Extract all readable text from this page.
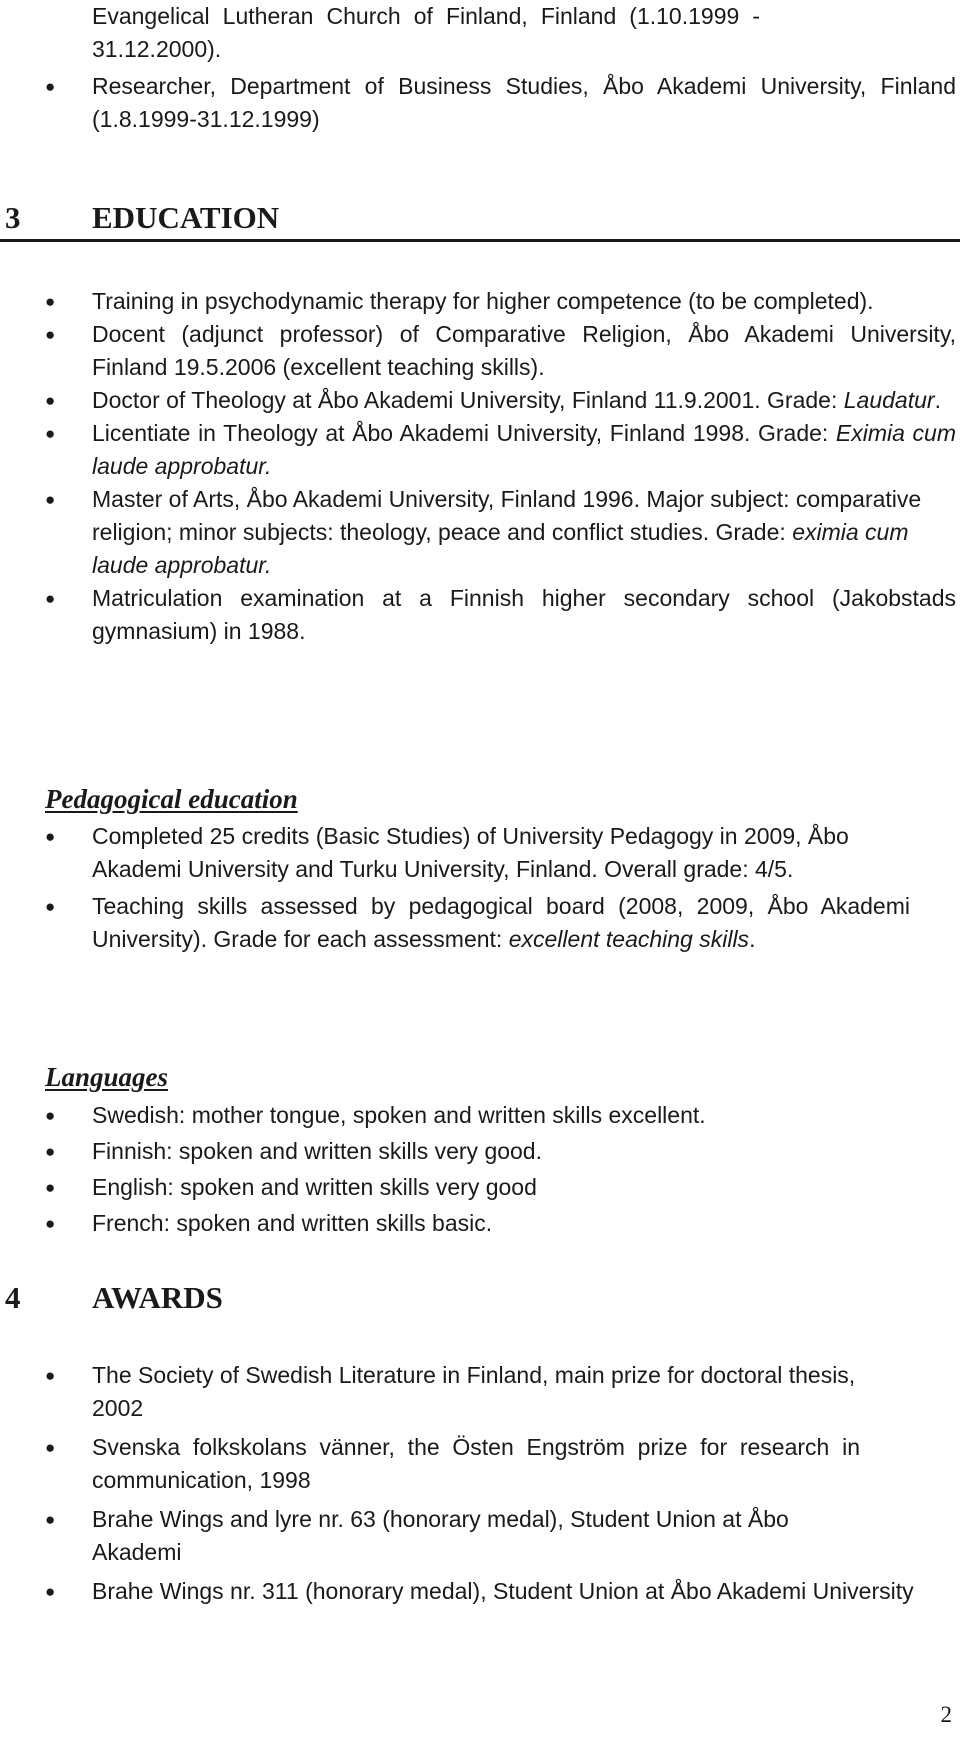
Evangelical Lutheran Church of Finland, Finland (1.10.1999 - 31.12.2000).
● Researcher, Department of Business Studies, Åbo Akademi University, Finland (1.8.1999-31.12.1999)
3 EDUCATION
● Training in psychodynamic therapy for higher competence (to be completed).
● Docent (adjunct professor) of Comparative Religion, Åbo Akademi University, Finland 19.5.2006 (excellent teaching skills).
● Doctor of Theology at Åbo Akademi University, Finland 11.9.2001. Grade: Laudatur.
● Licentiate in Theology at Åbo Akademi University, Finland 1998. Grade: Eximia cum laude approbatur.
● Master of Arts, Åbo Akademi University, Finland 1996. Major subject: comparative religion; minor subjects: theology, peace and conflict studies. Grade: eximia cum laude approbatur.
● Matriculation examination at a Finnish higher secondary school (Jakobstads gymnasium) in 1988.
Pedagogical education
● Completed 25 credits (Basic Studies) of University Pedagogy in 2009, Åbo Akademi University and Turku University, Finland. Overall grade: 4/5.
● Teaching skills assessed by pedagogical board (2008, 2009, Åbo Akademi University). Grade for each assessment: excellent teaching skills.
Languages
● Swedish: mother tongue, spoken and written skills excellent.
● Finnish: spoken and written skills very good.
● English: spoken and written skills very good
● French: spoken and written skills basic.
4 AWARDS
● The Society of Swedish Literature in Finland, main prize for doctoral thesis, 2002
● Svenska folkskolans vänner, the Östen Engström prize for research in communication, 1998
● Brahe Wings and lyre nr. 63 (honorary medal), Student Union at Åbo Akademi
● Brahe Wings nr. 311 (honorary medal), Student Union at Åbo Akademi University
2
